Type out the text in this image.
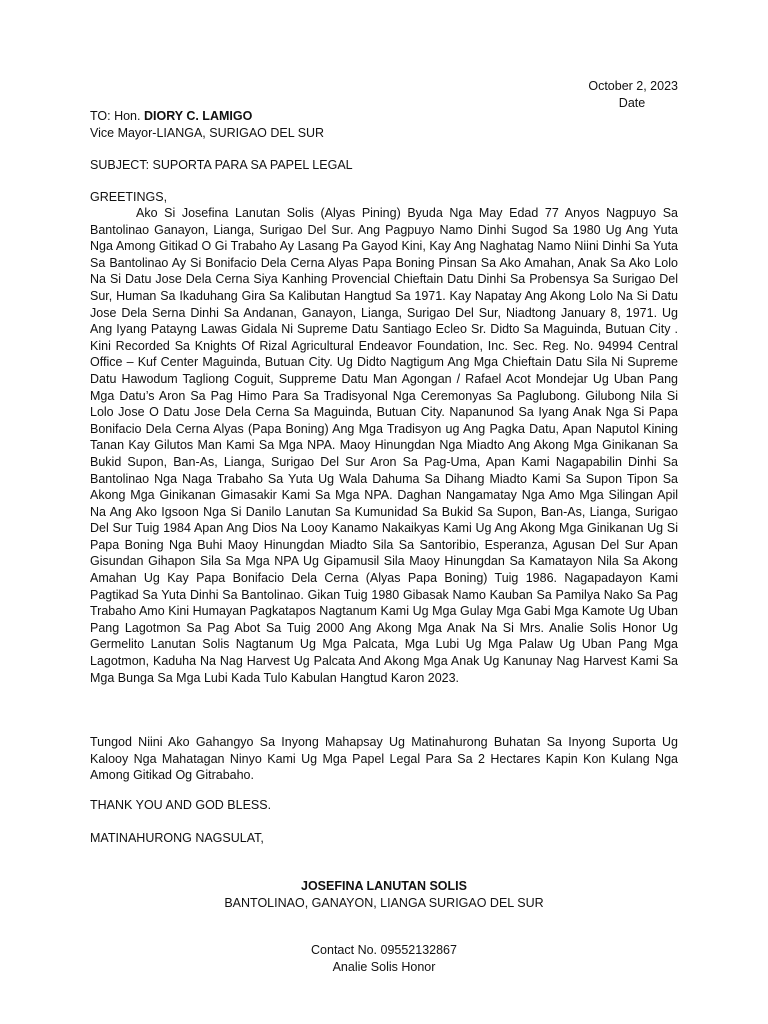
October 2, 2023
Date
TO: Hon. DIORY C. LAMIGO
Vice Mayor-LIANGA, SURIGAO DEL SUR
SUBJECT: SUPORTA PARA SA PAPEL LEGAL
GREETINGS,
Ako Si Josefina Lanutan Solis (Alyas Pining) Byuda Nga May Edad 77 Anyos Nagpuyo Sa Bantolinao Ganayon, Lianga, Surigao Del Sur. Ang Pagpuyo Namo Dinhi Sugod Sa 1980 Ug Ang Yuta Nga Among Gitikad O Gi Trabaho Ay Lasang Pa Gayod Kini, Kay Ang Naghatag Namo Niini Dinhi Sa Yuta Sa Bantolinao Ay Si Bonifacio Dela Cerna Alyas Papa Boning Pinsan Sa Ako Amahan, Anak Sa Ako Lolo Na Si Datu Jose Dela Cerna Siya Kanhing Provencial Chieftain Datu Dinhi Sa Probensya Sa Surigao Del Sur, Human Sa Ikaduhang Gira Sa Kalibutan Hangtud Sa 1971. Kay Napatay Ang Akong Lolo Na Si Datu Jose Dela Serna Dinhi Sa Andanan, Ganayon, Lianga, Surigao Del Sur, Niadtong January 8, 1971. Ug Ang Iyang Patayng Lawas Gidala Ni Supreme Datu Santiago Ecleo Sr. Didto Sa Maguinda, Butuan City . Kini Recorded Sa Knights Of Rizal Agricultural Endeavor Foundation, Inc. Sec. Reg. No. 94994 Central Office – Kuf Center Maguinda, Butuan City. Ug Didto Nagtigum Ang Mga Chieftain Datu Sila Ni Supreme Datu Hawodum Tagliong Coguit, Suppreme Datu Man Agongan / Rafael Acot Mondejar Ug Uban Pang Mga Datu’s Aron Sa Pag Himo Para Sa Tradisyonal Nga Ceremonyas Sa Paglubong. Gilubong Nila Si Lolo Jose O Datu Jose Dela Cerna Sa Maguinda, Butuan City. Napanunod Sa Iyang Anak Nga Si Papa Bonifacio Dela Cerna Alyas (Papa Boning) Ang Mga Tradisyon ug Ang Pagka Datu, Apan Naputol Kining Tanan Kay Gilutos Man Kami Sa Mga NPA. Maoy Hinungdan Nga Miadto Ang Akong Mga Ginikanan Sa Bukid Supon, Ban-As, Lianga, Surigao Del Sur Aron Sa Pag-Uma, Apan Kami Nagapabilin Dinhi Sa Bantolinao Nga Naga Trabaho Sa Yuta Ug Wala Dahuma Sa Dihang Miadto Kami Sa Supon Tipon Sa Akong Mga Ginikanan Gimasakir Kami Sa Mga NPA. Daghan Nangamatay Nga Amo Mga Silingan Apil Na Ang Ako Igsoon Nga Si Danilo Lanutan Sa Kumunidad Sa Bukid Sa Supon, Ban-As, Lianga, Surigao Del Sur Tuig 1984 Apan Ang Dios Na Looy Kanamo Nakaikyas Kami Ug Ang Akong Mga Ginikanan Ug Si Papa Boning Nga Buhi Maoy Hinungdan Miadto Sila Sa Santoribio, Esperanza, Agusan Del Sur Apan Gisundan Gihapon Sila Sa Mga NPA Ug Gipamusil Sila Maoy Hinungdan Sa Kamatayon Nila Sa Akong Amahan Ug Kay Papa Bonifacio Dela Cerna (Alyas Papa Boning) Tuig 1986. Nagapadayon Kami Pagtikad Sa Yuta Dinhi Sa Bantolinao. Gikan Tuig 1980 Gibasak Namo Kauban Sa Pamilya Nako Sa Pag Trabaho Amo Kini Humayan Pagkatapos Nagtanum Kami Ug Mga Gulay Mga Gabi Mga Kamote Ug Uban Pang Lagotmon Sa Pag Abot Sa Tuig 2000 Ang Akong Mga Anak Na Si Mrs. Analie Solis Honor Ug Germelito Lanutan Solis Nagtanum Ug Mga Palcata, Mga Lubi Ug Mga Palaw Ug Uban Pang Mga Lagotmon, Kaduha Na Nag Harvest Ug Palcata And Akong Mga Anak Ug Kanunay Nag Harvest Kami Sa Mga Bunga Sa Mga Lubi Kada Tulo Kabulan Hangtud Karon 2023.
Tungod Niini Ako Gahangyo Sa Inyong Mahapsay Ug Matinahurong Buhatan Sa Inyong Suporta Ug Kalooy Nga Mahatagan Ninyo Kami Ug Mga Papel Legal Para Sa 2 Hectares Kapin Kon Kulang Nga Among Gitikad Og Gitrabaho.
THANK YOU AND GOD BLESS.
MATINAHURONG NAGSULAT,
JOSEFINA LANUTAN SOLIS
BANTOLINAO, GANAYON, LIANGA SURIGAO DEL SUR
Contact No. 09552132867
Analie Solis Honor
